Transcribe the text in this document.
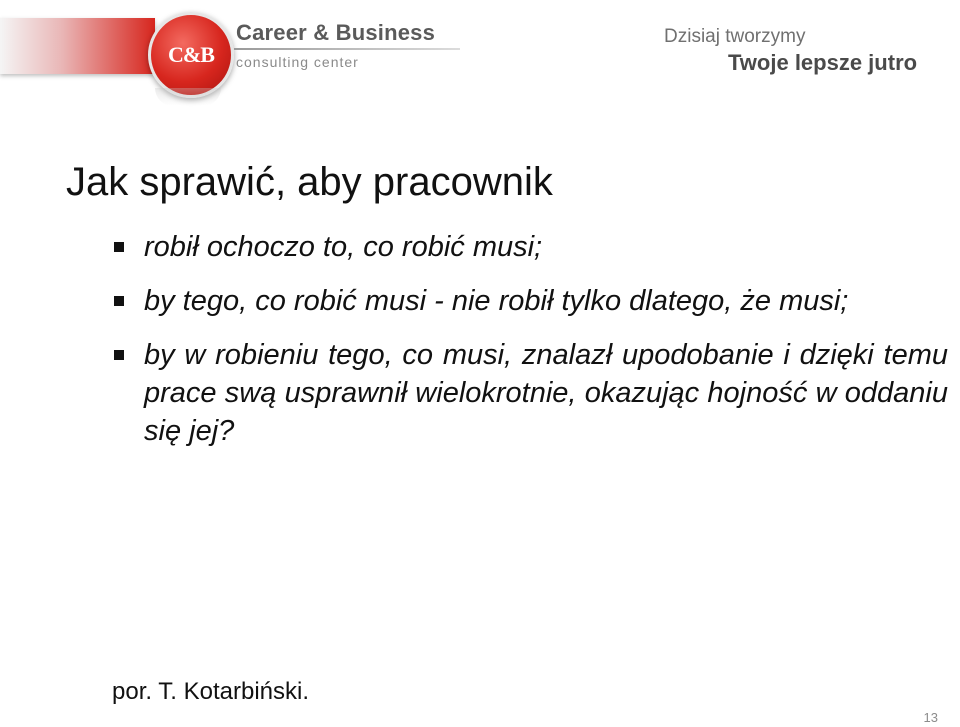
C&B
Career & Business
consulting center
Dzisiaj tworzymy
Twoje lepsze jutro
Jak sprawić, aby pracownik
robił ochoczo to, co robić musi;
by tego, co robić musi - nie robił tylko dlatego, że musi;
by w robieniu tego, co musi, znalazł upodobanie i dzięki temu prace swą usprawnił wielokrotnie, okazując hojność w oddaniu się jej?
por. T. Kotarbiński.
13
